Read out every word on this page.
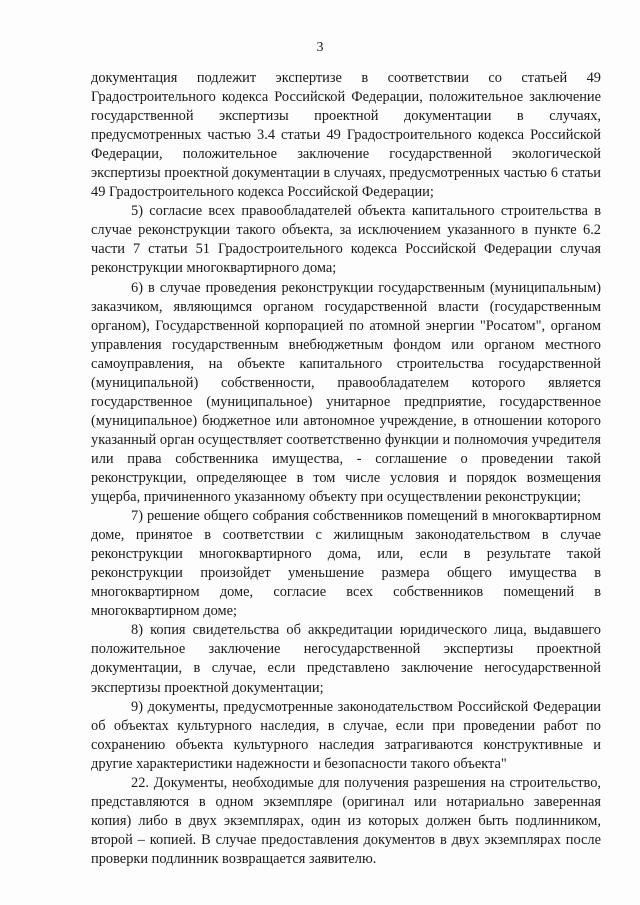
3

документация подлежит экспертизе в соответствии со статьей 49 Градостроительного кодекса Российской Федерации, положительное заключение государственной экспертизы проектной документации в случаях, предусмотренных частью 3.4 статьи 49 Градостроительного кодекса Российской Федерации, положительное заключение государственной экологической экспертизы проектной документации в случаях, предусмотренных частью 6 статьи 49 Градостроительного кодекса Российской Федерации;

5) согласие всех правообладателей объекта капитального строительства в случае реконструкции такого объекта, за исключением указанного в пункте 6.2 части 7 статьи 51 Градостроительного кодекса Российской Федерации случая реконструкции многоквартирного дома;

6) в случае проведения реконструкции государственным (муниципальным) заказчиком, являющимся органом государственной власти (государственным органом), Государственной корпорацией по атомной энергии "Росатом", органом управления государственным внебюджетным фондом или органом местного самоуправления, на объекте капитального строительства государственной (муниципальной) собственности, правообладателем которого является государственное (муниципальное) унитарное предприятие, государственное (муниципальное) бюджетное или автономное учреждение, в отношении которого указанный орган осуществляет соответственно функции и полномочия учредителя или права собственника имущества, - соглашение о проведении такой реконструкции, определяющее в том числе условия и порядок возмещения ущерба, причиненного указанному объекту при осуществлении реконструкции;

7) решение общего собрания собственников помещений в многоквартирном доме, принятое в соответствии с жилищным законодательством в случае реконструкции многоквартирного дома, или, если в результате такой реконструкции произойдет уменьшение размера общего имущества в многоквартирном доме, согласие всех собственников помещений в многоквартирном доме;

8) копия свидетельства об аккредитации юридического лица, выдавшего положительное заключение негосударственной экспертизы проектной документации, в случае, если представлено заключение негосударственной экспертизы проектной документации;

9) документы, предусмотренные законодательством Российской Федерации об объектах культурного наследия, в случае, если при проведении работ по сохранению объекта культурного наследия затрагиваются конструктивные и другие характеристики надежности и безопасности такого объекта"

22. Документы, необходимые для получения разрешения на строительство, представляются в одном экземпляре (оригинал или нотариально заверенная копия) либо в двух экземплярах, один из которых должен быть подлинником, второй – копией. В случае предоставления документов в двух экземплярах после проверки подлинник возвращается заявителю.
